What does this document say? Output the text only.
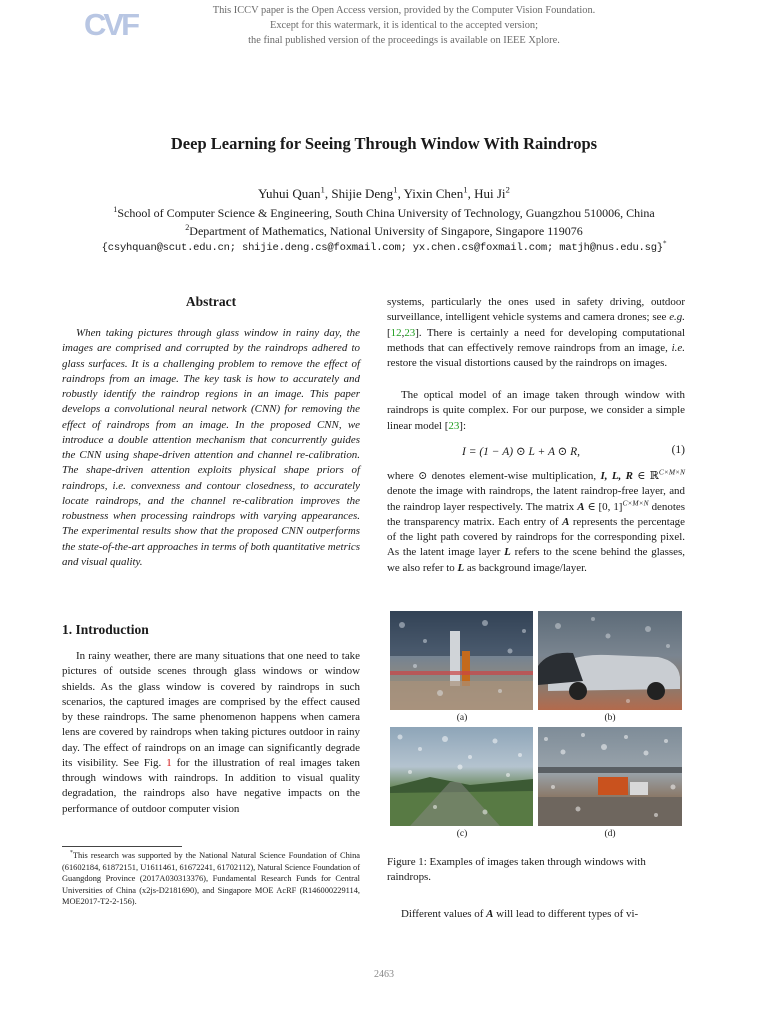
CVF	This ICCV paper is the Open Access version, provided by the Computer Vision Foundation.
Except for this watermark, it is identical to the accepted version;
the final published version of the proceedings is available on IEEE Xplore.
Deep Learning for Seeing Through Window With Raindrops
Yuhui Quan$^1$, Shijie Deng$^1$, Yixin Chen$^1$, Hui Ji$^2$
$^1$School of Computer Science & Engineering, South China University of Technology, Guangzhou 510006, China
$^2$Department of Mathematics, National University of Singapore, Singapore 119076
{csyhquan@scut.edu.cn; shijie.deng.cs@foxmail.com; yx.chen.cs@foxmail.com; matjh@nus.edu.sg}*
Abstract
When taking pictures through glass window in rainy day, the images are comprised and corrupted by the raindrops adhered to glass surfaces. It is a challenging problem to remove the effect of raindrops from an image. The key task is how to accurately and robustly identify the raindrop regions in an image. This paper develops a convolutional neural network (CNN) for removing the effect of raindrops from an image. In the proposed CNN, we introduce a double attention mechanism that concurrently guides the CNN using shape-driven attention and channel re-calibration. The shape-driven attention exploits physical shape priors of raindrops, i.e. convexness and contour closedness, to accurately locate raindrops, and the channel re-calibration improves the robustness when processing raindrops with varying appearances. The experimental results show that the proposed CNN outperforms the state-of-the-art approaches in terms of both quantitative metrics and visual quality.
1. Introduction
In rainy weather, there are many situations that one need to take pictures of outside scenes through glass windows or window shields. As the glass window is covered by raindrops in such scenarios, the captured images are comprised by the effect caused by these raindrops. The same phenomenon happens when camera lens are covered by raindrops when taking pictures outdoor in rainy day. The effect of raindrops on an image can significantly degrade its visibility. See Fig. 1 for the illustration of real images taken through windows with raindrops. In addition to visual quality degradation, the raindrops also have negative impacts on the performance of outdoor computer vision
*This research was supported by the National Natural Science Foundation of China (61602184, 61872151, U1611461, 61672241, 61702112), Natural Science Foundation of Guangdong Province (2017A030313376), Fundamental Research Funds for Central Universities of China (x2js-D2181690), and Singapore MOE AcRF (R146000229114, MOE2017-T2-2-156).
systems, particularly the ones used in safety driving, outdoor surveillance, intelligent vehicle systems and camera drones; see e.g. [12,23]. There is certainly a need for developing computational methods that can effectively remove raindrops from an image, i.e. restore the visual distortions caused by the raindrops on images.
The optical model of an image taken through window with raindrops is quite complex. For our purpose, we consider a simple linear model [23]:
I = (1 − A) ⊙ L + A ⊙ R,	(1)
where ⊙ denotes element-wise multiplication, I, L, R ∈ ℝ$^{C\times M\times N}$ denote the image with raindrops, the latent raindrop-free layer, and the raindrop layer respectively. The matrix A ∈ [0, 1]$^{C\times M\times N}$ denotes the transparency matrix. Each entry of A represents the percentage of the light path covered by raindrops for the corresponding pixel. As the latent image layer L refers to the scene behind the glasses, we also refer to L as background image/layer.
(a)	(b)
(c)	(d)
Figure 1: Examples of images taken through windows with raindrops.
Different values of A will lead to different types of vi-
2463
